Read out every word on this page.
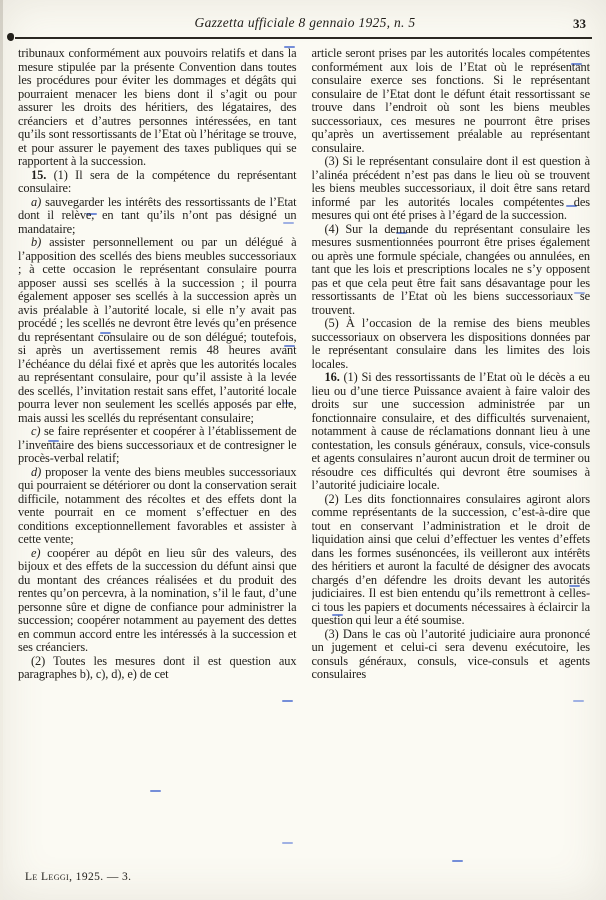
Gazzetta ufficiale 8 gennaio 1925, n. 5	33

tribunaux conformément aux pouvoirs relatifs et dans la mesure stipulée par la présente Convention dans toutes les procédures pour éviter les dommages et dégâts qui pourraient menacer les biens dont il s’agit ou pour assurer les droits des héritiers, des légataires, des créanciers et d’autres personnes intéressées, en tant qu’ils sont ressortissants de l’Etat où l’héritage se trouve, et pour assurer le payement des taxes publiques qui se rapportent à la succession.

15. (1) Il sera de la compétence du représentant consulaire:

a) sauvegarder les intérêts des ressortissants de l’Etat dont il relève, en tant qu’ils n’ont pas désigné un mandataire;

b) assister personnellement ou par un délégué à l’apposition des scellés des biens meubles successoriaux ; à cette occasion le représentant consulaire pourra apposer aussi ses scellés à la succession ; il pourra également apposer ses scellés à la succession après un avis préalable à l’autorité locale, si elle n’y avait pas procédé ; les scellés ne devront être levés qu’en présence du représentant consulaire ou de son délégué; toutefois, si après un avertissement remis 48 heures avant l’échéance du délai fixé et après que les autorités locales au représentant consulaire, pour qu’il assiste à la levée des scellés, l’invitation restait sans effet, l’autorité locale pourra lever non seulement les scellés apposés par elle, mais aussi les scellés du représentant consulaire;

c) se faire représenter et coopérer à l’établissement de l’inventaire des biens successoriaux et de contresigner le procès-verbal relatif;

d) proposer la vente des biens meubles successoriaux qui pourraient se détériorer ou dont la conservation serait difficile, notamment des récoltes et des effets dont la vente pourrait en ce moment s’effectuer en des conditions exceptionnellement favorables et assister à cette vente;

e) coopérer au dépôt en lieu sûr des valeurs, des bijoux et des effets de la succession du défunt ainsi que du montant des créances réalisées et du produit des rentes qu’on percevra, à la nomination, s’il le faut, d’une personne sûre et digne de confiance pour administrer la succession; coopérer notamment au payement des dettes en commun accord entre les intéressés à la succession et ses créanciers.

(2) Toutes les mesures dont il est question aux paragraphes b), c), d), e) de cet

article seront prises par les autorités locales compétentes conformément aux lois de l’Etat où le représentant consulaire exerce ses fonctions. Si le représentant consulaire de l’Etat dont le défunt était ressortissant se trouve dans l’endroit où sont les biens meubles successoriaux, ces mesures ne pourront être prises qu’après un avertissement préalable au représentant consulaire.

(3) Si le représentant consulaire dont il est question à l’alinéa précédent n’est pas dans le lieu où se trouvent les biens meubles successoriaux, il doit être sans retard informé par les autorités locales compétentes des mesures qui ont été prises à l’égard de la succession.

(4) Sur la demande du représentant consulaire les mesures susmentionnées pourront être prises également ou après une formule spéciale, changées ou annulées, en tant que les lois et prescriptions locales ne s’y opposent pas et que cela peut être fait sans désavantage pour les ressortissants de l’Etat où les biens successoriaux se trouvent.

(5) À l’occasion de la remise des biens meubles successoriaux on observera les dispositions données par le représentant consulaire dans les limites des lois locales.

16. (1) Si des ressortissants de l’Etat où le décès a eu lieu ou d’une tierce Puissance avaient à faire valoir des droits sur une succession administrée par un fonctionnaire consulaire, et des difficultés survenaient, notamment à cause de réclamations donnant lieu à une contestation, les consuls généraux, consuls, vice-consuls et agents consulaires n’auront aucun droit de terminer ou résoudre ces difficultés qui devront être soumises à l’autorité judiciaire locale.

(2) Les dits fonctionnaires consulaires agiront alors comme représentants de la succession, c’est-à-dire que tout en conservant l’administration et le droit de liquidation ainsi que celui d’effectuer les ventes d’effets dans les formes susénoncées, ils veilleront aux intérêts des héritiers et auront la faculté de désigner des avocats chargés d’en défendre les droits devant les autorités judiciaires. Il est bien entendu qu’ils remettront à celles-ci tous les papiers et documents nécessaires à éclaircir la question qui leur a été soumise.

(3) Dans le cas où l’autorité judiciaire aura prononcé un jugement et celui-ci sera devenu exécutoire, les consuls généraux, consuls, vice-consuls et agents consulaires

Le Leggi, 1925. — 3.
